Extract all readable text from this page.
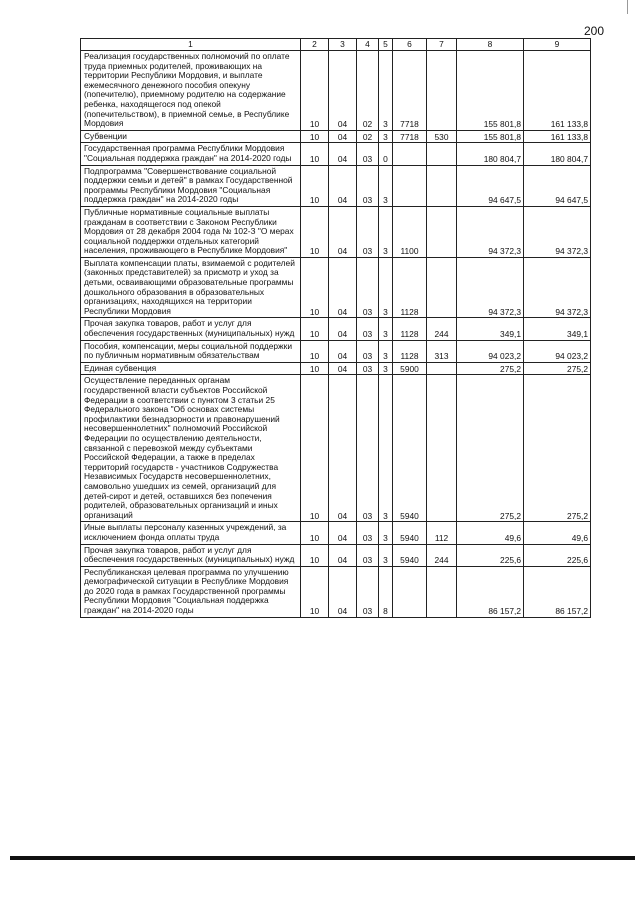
200
1	2	3	4	5	6	7	8	9
Реализация государственных полномочий по оплате труда приемных родителей, проживающих на территории Республики Мордовия, и выплате ежемесячного денежного пособия опекуну (попечителю), приемному родителю на содержание ребенка, находящегося под опекой (попечительством), в приемной семье, в Республике Мордовия	10	04	02	3	7718		155 801,8	161 133,8
Субвенции	10	04	02	3	7718	530	155 801,8	161 133,8
Государственная программа Республики Мордовия "Социальная поддержка граждан" на 2014-2020 годы	10	04	03	0			180 804,7	180 804,7
Подпрограмма "Совершенствование социальной поддержки семьи и детей" в рамках Государственной программы Республики Мордовия "Социальная поддержка граждан" на 2014-2020 годы	10	04	03	3			94 647,5	94 647,5
Публичные нормативные социальные выплаты гражданам в соответствии с Законом Республики Мордовия от 28 декабря 2004 года № 102-З "О мерах социальной поддержки отдельных категорий населения, проживающего в Республике Мордовия"	10	04	03	3	1100		94 372,3	94 372,3
Выплата компенсации платы, взимаемой с родителей (законных представителей) за присмотр и уход за детьми, осваивающими образовательные программы дошкольного образования в образовательных организациях, находящихся на территории Республики Мордовия	10	04	03	3	1128		94 372,3	94 372,3
Прочая закупка товаров, работ и услуг для обеспечения государственных (муниципальных) нужд	10	04	03	3	1128	244	349,1	349,1
Пособия, компенсации, меры социальной поддержки по публичным нормативным обязательствам	10	04	03	3	1128	313	94 023,2	94 023,2
Единая субвенция	10	04	03	3	5900		275,2	275,2
Осуществление переданных органам государственной власти субъектов Российской Федерации в соответствии с пунктом 3 статьи 25 Федерального закона "Об основах системы профилактики безнадзорности и правонарушений несовершеннолетних" полномочий Российской Федерации по осуществлению деятельности, связанной с перевозкой между субъектами Российской Федерации, а также в пределах территорий государств - участников Содружества Независимых Государств несовершеннолетних, самовольно ушедших из семей, организаций для детей-сирот и детей, оставшихся без попечения родителей, образовательных организаций и иных организаций	10	04	03	3	5940		275,2	275,2
Иные выплаты персоналу казенных учреждений, за исключением фонда оплаты труда	10	04	03	3	5940	112	49,6	49,6
Прочая закупка товаров, работ и услуг для обеспечения государственных (муниципальных) нужд	10	04	03	3	5940	244	225,6	225,6
Республиканская целевая программа по улучшению демографической ситуации в Республике Мордовия до 2020 года в рамках Государственной программы Республики Мордовия "Социальная поддержка граждан" на 2014-2020 годы	10	04	03	8			86 157,2	86 157,2
